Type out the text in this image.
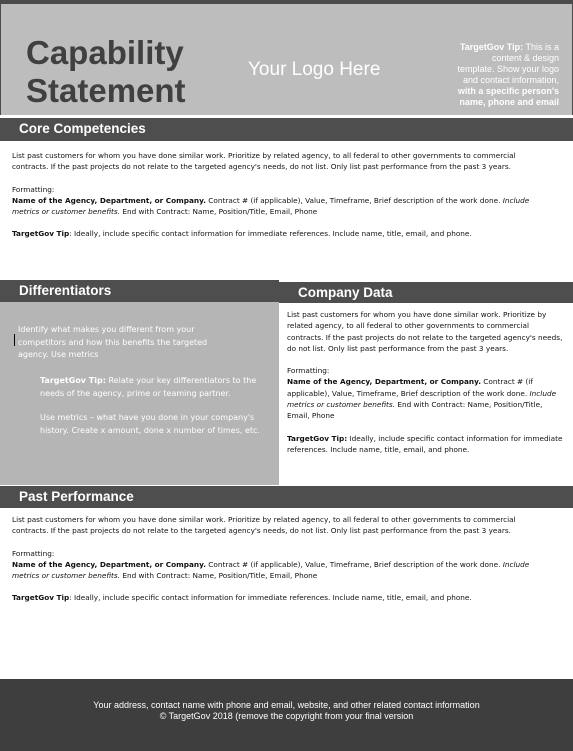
Capability
Statement
Your Logo Here
TargetGov Tip: This is a
content & design
template. Show your logo
and contact information,
with a specific person's
name, phone and email
Core Competencies

List past customers for whom you have done similar work. Prioritize by related agency, to all federal to other governments to commercial
contracts. If the past projects do not relate to the targeted agency's needs, do not list. Only list past performance from the past 3 years.

Formatting:
Name of the Agency, Department, or Company. Contract # (if applicable), Value, Timeframe, Brief description of the work done. Include
metrics or customer benefits. End with Contract: Name, Position/Title, Email, Phone

TargetGov Tip: Ideally, include specific contact information for immediate references. Include name, title, email, and phone.

Differentiators

Identify what makes you different from your competitors and how this benefits the targeted agency. Use metrics

TargetGov Tip: Relate your key differentiators to the needs of the agency, prime or teaming partner.

Use metrics – what have you done in your company's history. Create x amount, done x number of times, etc.

Company Data

List past customers for whom you have done similar work. Prioritize by related agency, to all federal to other governments to commercial contracts. If the past projects do not relate to the targeted agency's needs, do not list. Only list past performance from the past 3 years.

Formatting:
Name of the Agency, Department, or Company. Contract # (if applicable), Value, Timeframe, Brief description of the work done. Include metrics or customer benefits. End with Contract: Name, Position/Title, Email, Phone

TargetGov Tip: Ideally, include specific contact information for immediate references. Include name, title, email, and phone.

Past Performance

List past customers for whom you have done similar work. Prioritize by related agency, to all federal to other governments to commercial
contracts. If the past projects do not relate to the targeted agency's needs, do not list. Only list past performance from the past 3 years.

Formatting:
Name of the Agency, Department, or Company. Contract # (if applicable), Value, Timeframe, Brief description of the work done. Include
metrics or customer benefits. End with Contract: Name, Position/Title, Email, Phone

TargetGov Tip: Ideally, include specific contact information for immediate references. Include name, title, email, and phone.

Your address, contact name with phone and email, website, and other related contact information
© TargetGov 2018 (remove the copyright from your final version
